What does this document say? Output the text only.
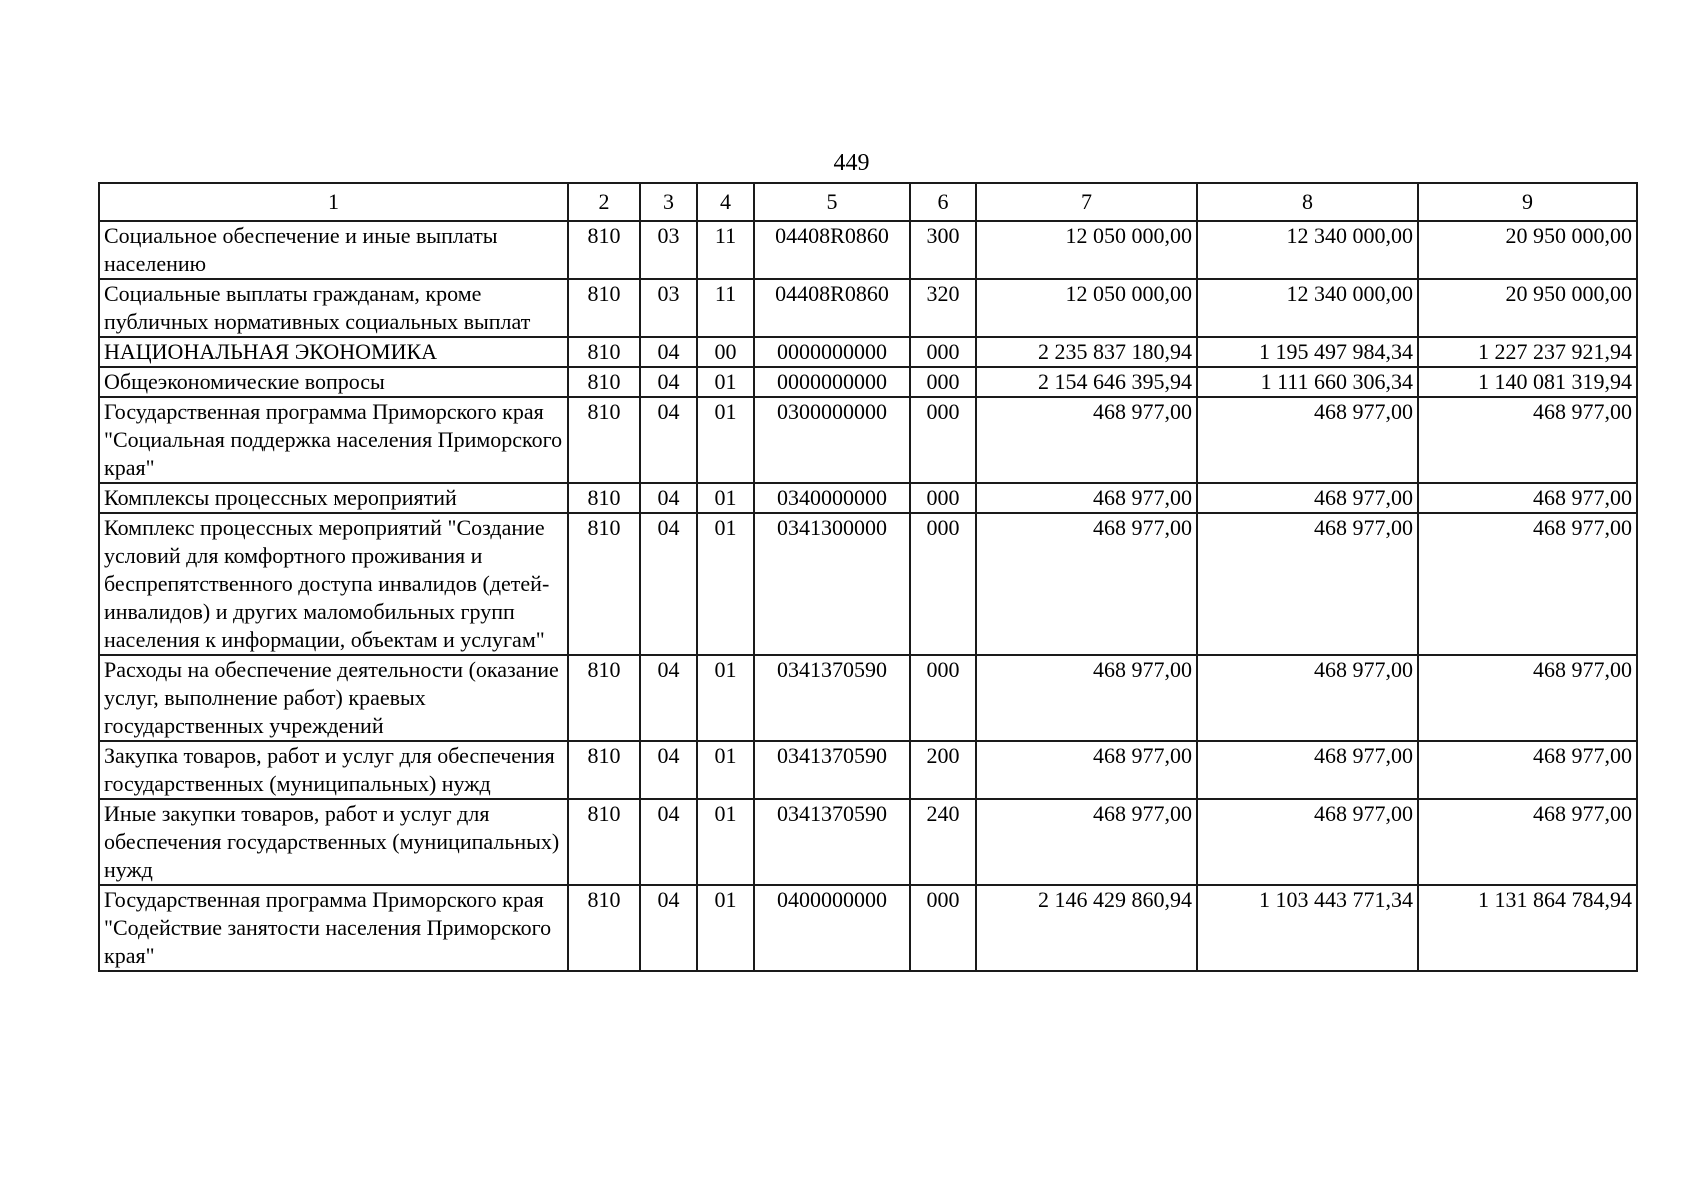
449
1	2	3	4	5	6	7	8	9
Социальное обеспечение и иные выплаты населению	810	03	11	04408R0860	300	12 050 000,00	12 340 000,00	20 950 000,00
Социальные выплаты гражданам, кроме публичных нормативных социальных выплат	810	03	11	04408R0860	320	12 050 000,00	12 340 000,00	20 950 000,00
НАЦИОНАЛЬНАЯ ЭКОНОМИКА	810	04	00	0000000000	000	2 235 837 180,94	1 195 497 984,34	1 227 237 921,94
Общеэкономические вопросы	810	04	01	0000000000	000	2 154 646 395,94	1 111 660 306,34	1 140 081 319,94
Государственная программа Приморского края "Социальная поддержка населения Приморского края"	810	04	01	0300000000	000	468 977,00	468 977,00	468 977,00
Комплексы процессных мероприятий	810	04	01	0340000000	000	468 977,00	468 977,00	468 977,00
Комплекс процессных мероприятий "Создание условий для комфортного проживания и беспрепятственного доступа инвалидов (детей-инвалидов) и других маломобильных групп населения к информации, объектам и услугам"	810	04	01	0341300000	000	468 977,00	468 977,00	468 977,00
Расходы на обеспечение деятельности (оказание услуг, выполнение работ) краевых государственных учреждений	810	04	01	0341370590	000	468 977,00	468 977,00	468 977,00
Закупка товаров, работ и услуг для обеспечения государственных (муниципальных) нужд	810	04	01	0341370590	200	468 977,00	468 977,00	468 977,00
Иные закупки товаров, работ и услуг для обеспечения государственных (муниципальных) нужд	810	04	01	0341370590	240	468 977,00	468 977,00	468 977,00
Государственная программа Приморского края "Содействие занятости населения Приморского края"	810	04	01	0400000000	000	2 146 429 860,94	1 103 443 771,34	1 131 864 784,94
